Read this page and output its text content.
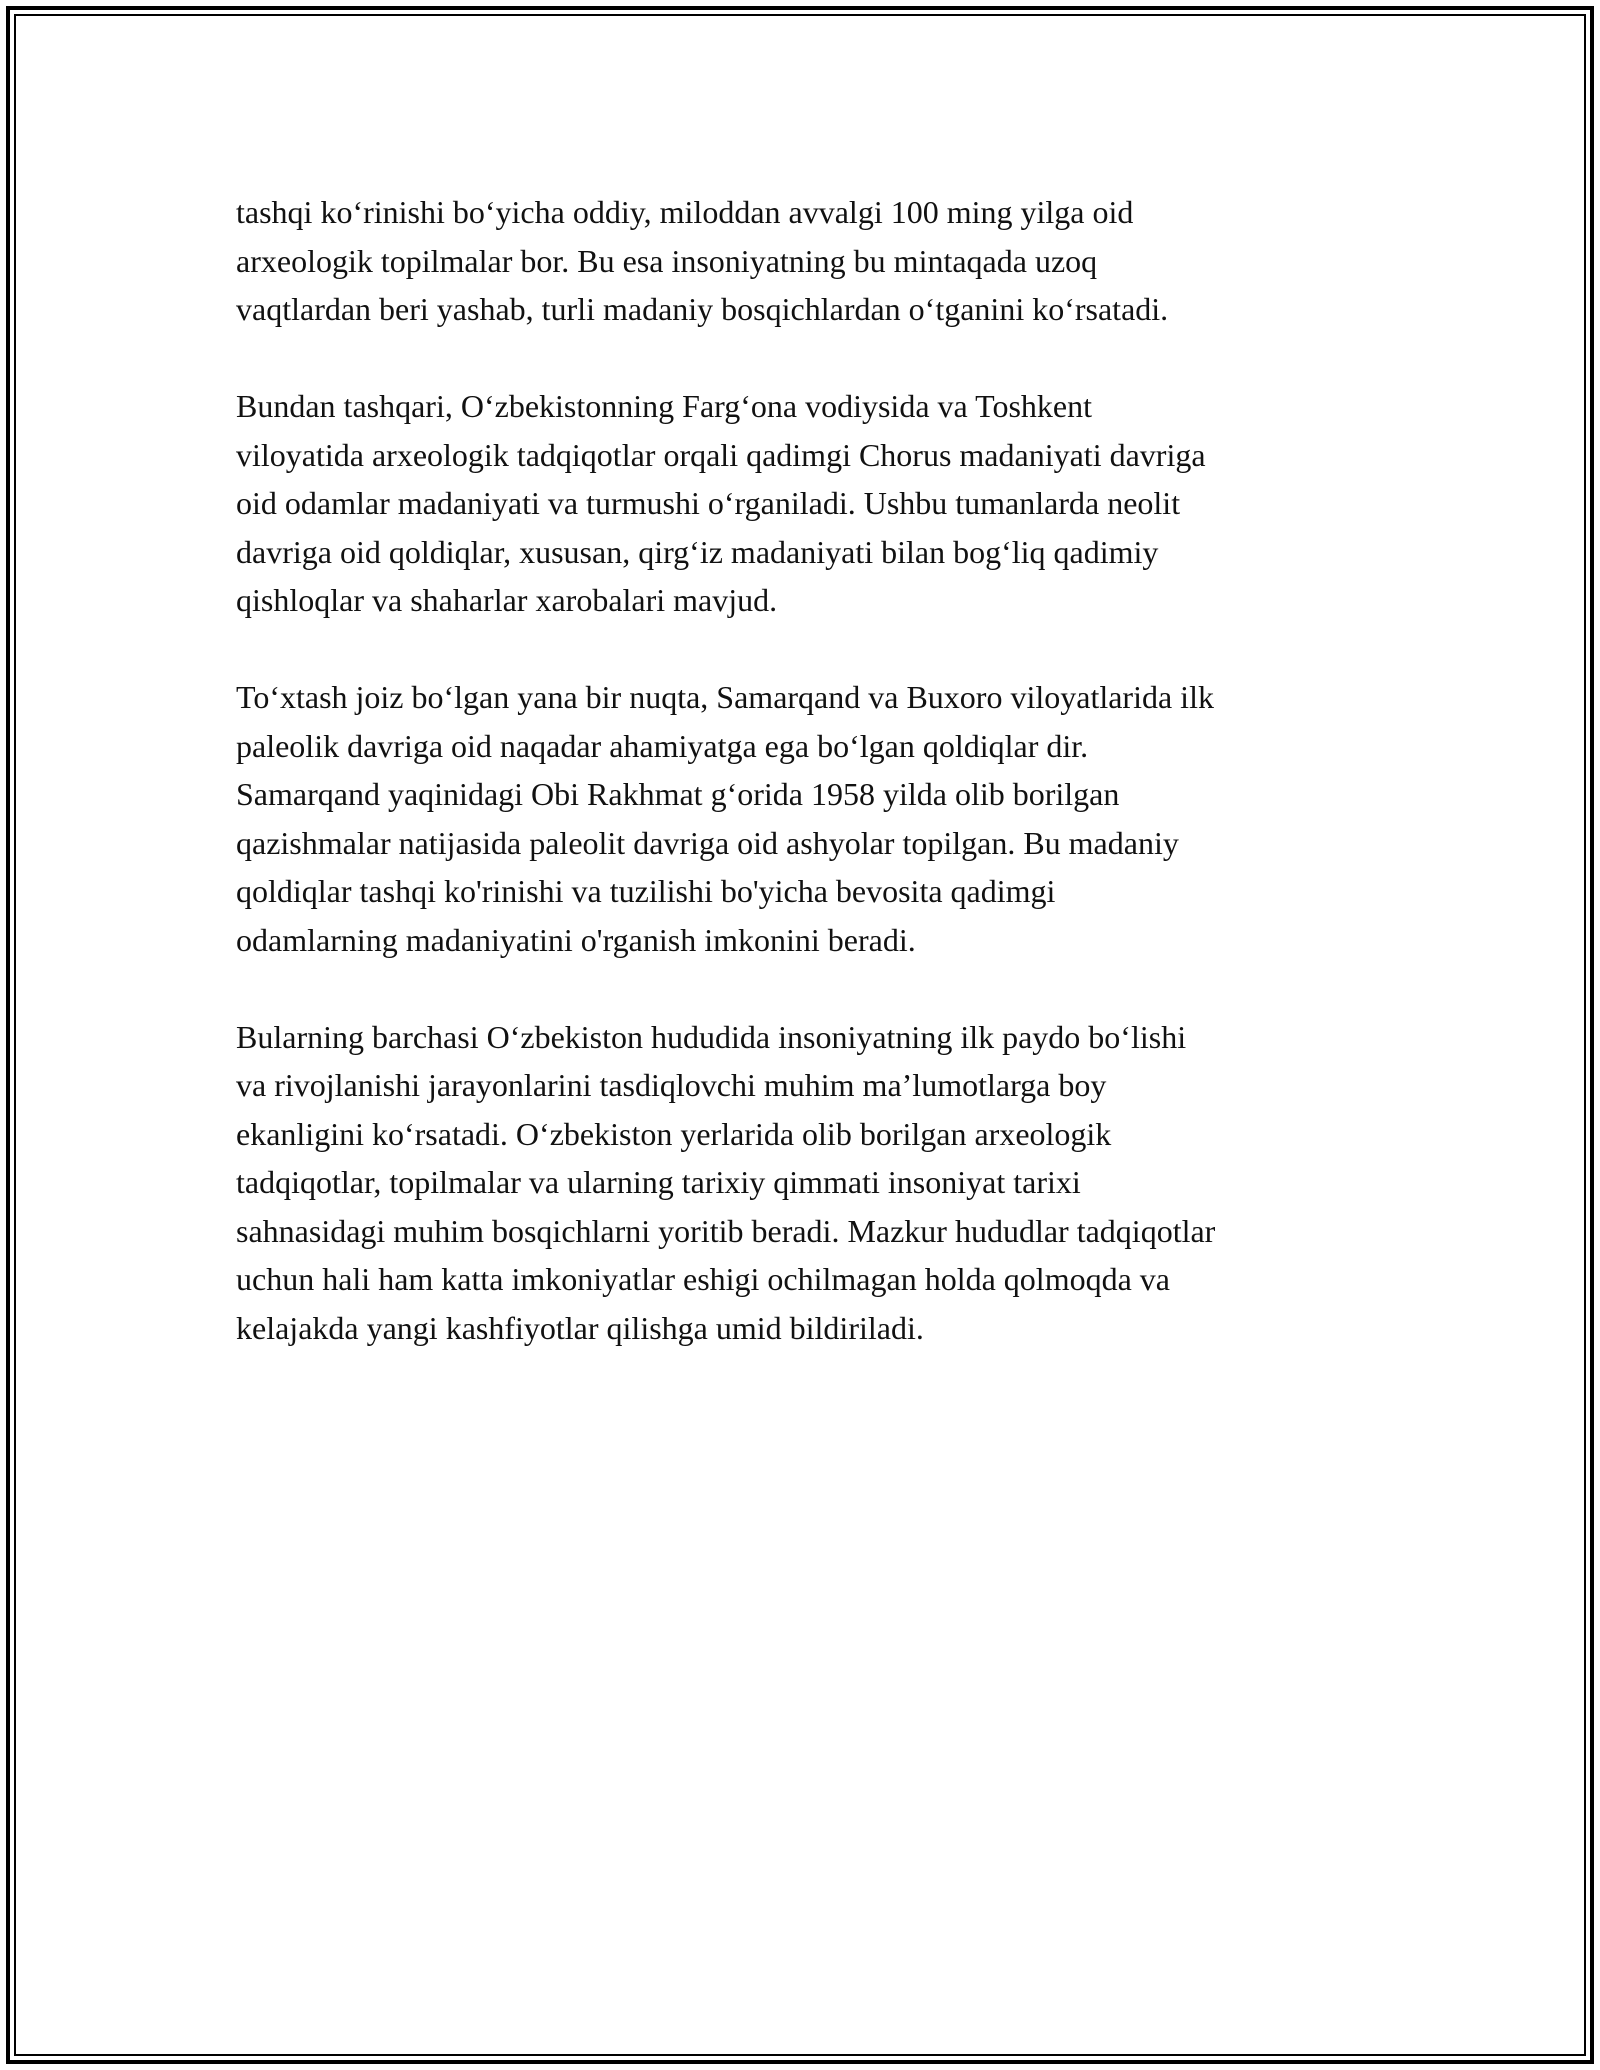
tashqi ko‘rinishi bo‘yicha oddiy, miloddan avvalgi 100 ming yilga oid
arxeologik topilmalar bor. Bu esa insoniyatning bu mintaqada uzoq
vaqtlardan beri yashab, turli madaniy bosqichlardan o‘tganini ko‘rsatadi.

Bundan tashqari, O‘zbekistonning Farg‘ona vodiysida va Toshkent
viloyatida arxeologik tadqiqotlar orqali qadimgi Chorus madaniyati davriga
oid odamlar madaniyati va turmushi o‘rganiladi. Ushbu tumanlarda neolit
davriga oid qoldiqlar, xususan, qirg‘iz madaniyati bilan bog‘liq qadimiy
qishloqlar va shaharlar xarobalari mavjud.

To‘xtash joiz bo‘lgan yana bir nuqta, Samarqand va Buxoro viloyatlarida ilk
paleolik davriga oid naqadar ahamiyatga ega bo‘lgan qoldiqlar dir.
Samarqand yaqinidagi Obi Rakhmat g‘orida 1958 yilda olib borilgan
qazishmalar natijasida paleolit davriga oid ashyolar topilgan. Bu madaniy
qoldiqlar tashqi ko'rinishi va tuzilishi bo'yicha bevosita qadimgi
odamlarning madaniyatini o'rganish imkonini beradi.

Bularning barchasi O‘zbekiston hududida insoniyatning ilk paydo bo‘lishi
va rivojlanishi jarayonlarini tasdiqlovchi muhim ma’lumotlarga boy
ekanligini ko‘rsatadi. O‘zbekiston yerlarida olib borilgan arxeologik
tadqiqotlar, topilmalar va ularning tarixiy qimmati insoniyat tarixi
sahnasidagi muhim bosqichlarni yoritib beradi. Mazkur hududlar tadqiqotlar
uchun hali ham katta imkoniyatlar eshigi ochilmagan holda qolmoqda va
kelajakda yangi kashfiyotlar qilishga umid bildiriladi.
